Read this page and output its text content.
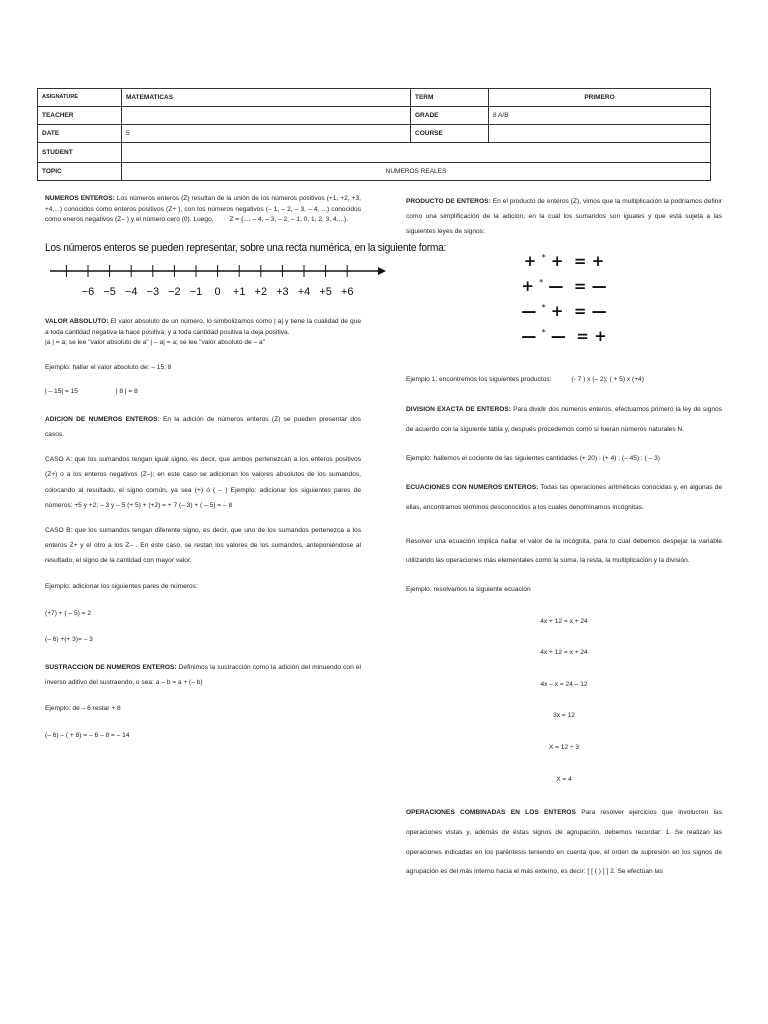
ASIGNATURE	MATEMATICAS	TERM	PRIMERO
TEACHER		GRADE	8 A/B
DATE	5	COURSE	
STUDENT			
TOPIC	NUMEROS REALES		

NUMEROS ENTEROS: Los números enteros (Z) resultan de la unión de los números positivos (+1, +2, +3, +4,...) conocidos como enteros positivos (Z+ ), con los números negativos (– 1, – 2, – 3, – 4, ...) conocidos como eneros negativos (Z– ) y el número cero (0). Luego, Z = {..., – 4, – 3, – 2, – 1, 0, 1, 2, 3, 4,...}.

Los números enteros se pueden representar, sobre una recta numérica, en la siguiente forma:
−6 −5 −4 −3 −2 −1 0 +1 +2 +3 +4 +5 +6

VALOR ABSOLUTO: El valor absoluto de un número, lo simbolizamos como | a| y tiene la cualidad de que a toda cantidad negativa la hace positiva; y a toda cantidad positiva la deja positiva.

|a | = a; se lee "valor absoluto de a" | – a| = a; se lee "valor absoluto de – a"

Ejemplo: hallar el valor absoluto de: – 15; 8

| – 15| = 15	| 8 | = 8

ADICION DE NUMEROS ENTEROS: En la adición de números enteros (Z) se pueden presentar dos casos.

CASO A: que los sumandos tengan igual signo, es decir, que ambos pertenezcan a los enteros positivos (Z+) o a los enteros negativos (Z–); en este caso se adicionan los valores absolutos de los sumandos, colocando al resultado, el signo común, ya sea (+) ó ( – ) Ejemplo: adicionar los siguientes pares de números: +5 y +2; – 3 y – 5 (+ 5) + (+2) = + 7 (– 3) + ( – 5) = – 8

CASO B: que los sumandos tengan diferente signo, es decir, que uno de los sumandos pertenezca a los enteros Z+ y el otro a los Z– . En este caso, se restan los valores de los sumandos, anteponiéndose al resultado, el signo de la cantidad con mayor valor.

Ejemplo: adicionar los siguientes pares de números:

(+7) + ( – 5) = 2

(– 6) +(+ 3)= – 3

SUSTRACCION DE NUMEROS ENTEROS: Definimos la sustracción como la adición del minuendo con el inverso aditivo del sustraendo, o sea: a – b = a + (– b)

Ejemplo: de – 6 restar + 8

(– 6) – ( + 8) = – 6 – 8 = – 14

PRODUCTO DE ENTEROS: En el producto de enteros (Z), vimos que la multiplicación la podríamos definir como una simplificación de la adición, en la cual los sumandos son iguales y que está sujeta a las siguientes leyes de signos:

+ * +  = +
+ * —  = —
— * +  = —
— * —  = +

Ejemplo 1: encontremos los siguientes productos:	(- 7 ) x (– 2); ( + 5) x (+4)

DIVISION EXACTA DE ENTEROS: Para dividir dos números enteros, efectuamos primero la ley de signos de acuerdo con la siguiente tabla y, después procedemos como si fueran números naturales N.

Ejemplo: hallemos el cociente de las siguientes cantidades (+ 20) : (+ 4) ; (– 45) : ( – 3)

ECUACIONES CON NUMEROS ENTEROS: Todas las operaciones aritméticas conocidas y, en algunas de ellas, encontramos términos desconocidos a los cuales denominamos incógnitas.

Resolver una ecuación implica hallar el valor de la incógnita, para lo cual debemos despejar la variable utilizando las operaciones más elementales como la suma, la resta, la multiplicación y la división.

Ejemplo: resolvamos la siguiente ecuación

4x + 12 = x + 24

4x + 12 = x + 24

4x – x = 24 – 12

3x = 12

X = 12 ÷ 3

X = 4

OPERACIONES COMBINADAS EN LOS ENTEROS Para resolver ejercicios que involucren las operaciones vistas y, además de éstas signos de agrupación, debemos recordar: 1. Se realizan las operaciones indicadas en los paréntesis teniendo en cuenta que, el orden de supresión en los signos de agrupación es del más interno hacia el más externo, es decir: [ [ ( ) ] ] 2. Se efectúan las
